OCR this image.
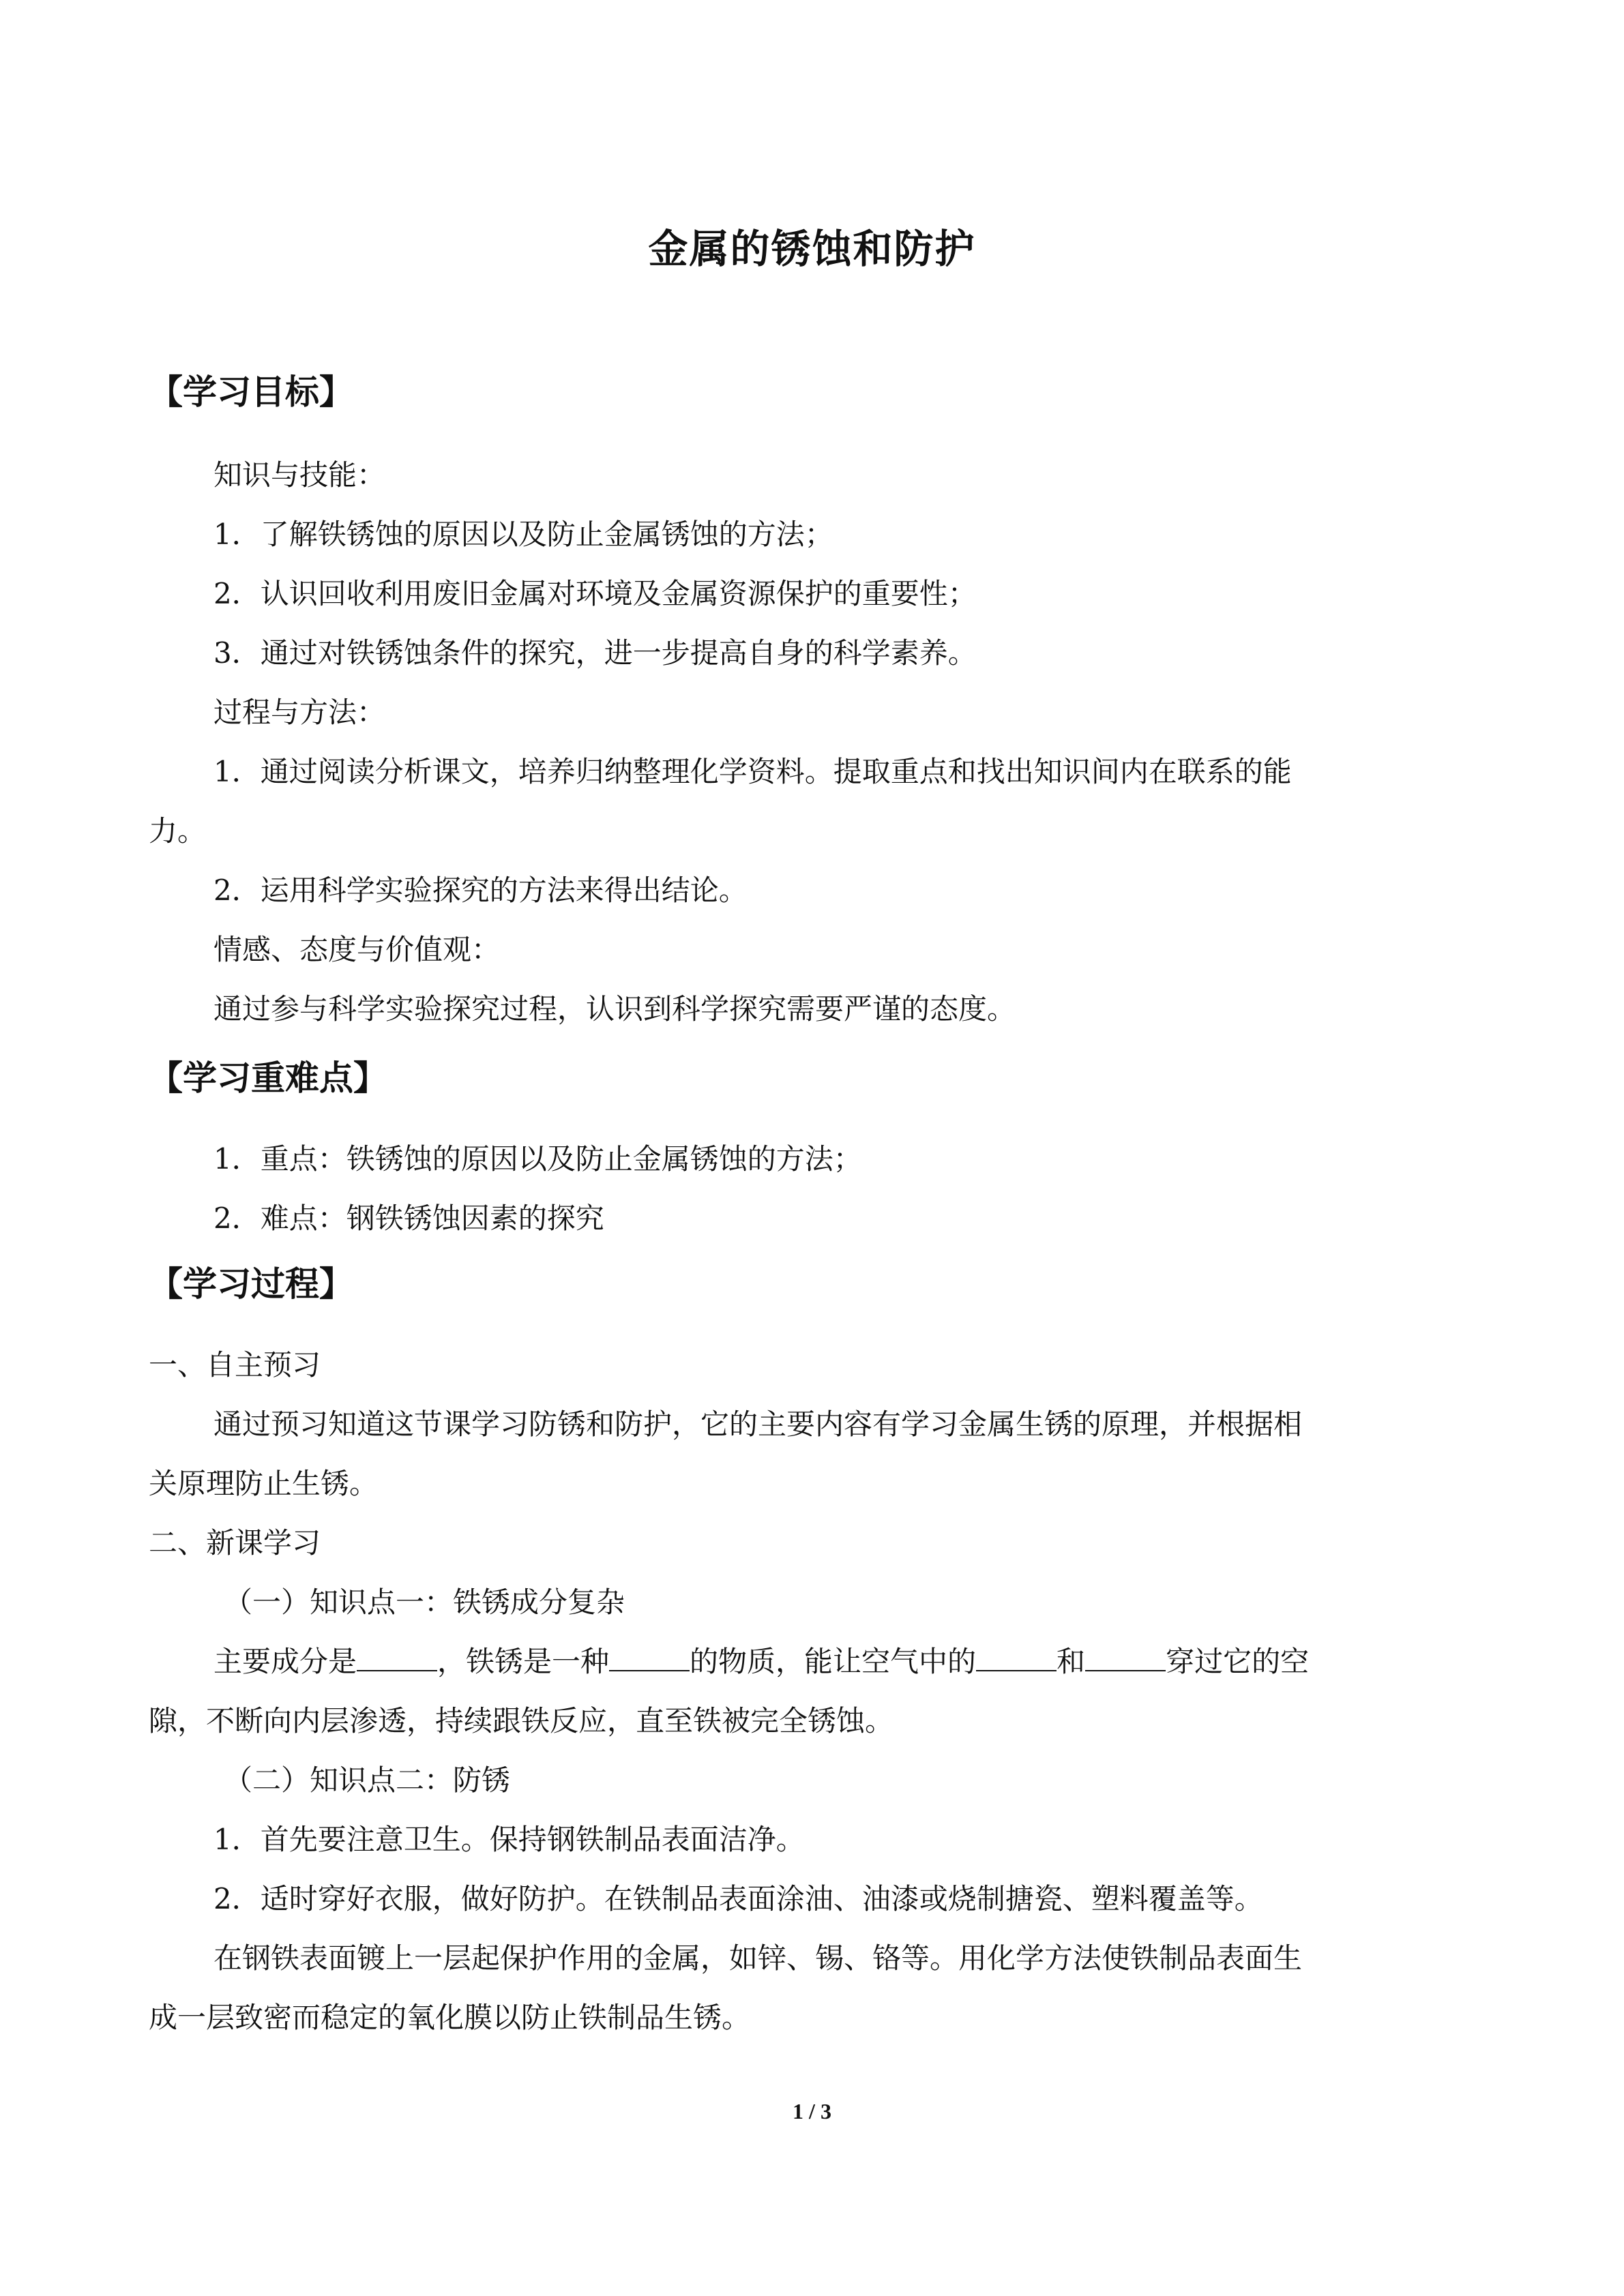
金属的锈蚀和防护
【学习目标】
知识与技能：
1．了解铁锈蚀的原因以及防止金属锈蚀的方法；
2．认识回收利用废旧金属对环境及金属资源保护的重要性；
3．通过对铁锈蚀条件的探究，进一步提高自身的科学素养。
过程与方法：
1．通过阅读分析课文，培养归纳整理化学资料。提取重点和找出知识间内在联系的能
力。
2．运用科学实验探究的方法来得出结论。
情感、态度与价值观：
通过参与科学实验探究过程，认识到科学探究需要严谨的态度。
【学习重难点】
1．重点：铁锈蚀的原因以及防止金属锈蚀的方法；
2．难点：钢铁锈蚀因素的探究
【学习过程】
一、自主预习
通过预习知道这节课学习防锈和防护，它的主要内容有学习金属生锈的原理，并根据相
关原理防止生锈。
二、新课学习
（一）知识点一：铁锈成分复杂
主要成分是	，铁锈是一种	的物质，能让空气中的	和	穿过它的空
隙，不断向内层渗透，持续跟铁反应，直至铁被完全锈蚀。
（二）知识点二：防锈
1．首先要注意卫生。保持钢铁制品表面洁净。
2．适时穿好衣服，做好防护。在铁制品表面涂油、油漆或烧制搪瓷、塑料覆盖等。
在钢铁表面镀上一层起保护作用的金属，如锌、锡、铬等。用化学方法使铁制品表面生
成一层致密而稳定的氧化膜以防止铁制品生锈。
1 / 3
